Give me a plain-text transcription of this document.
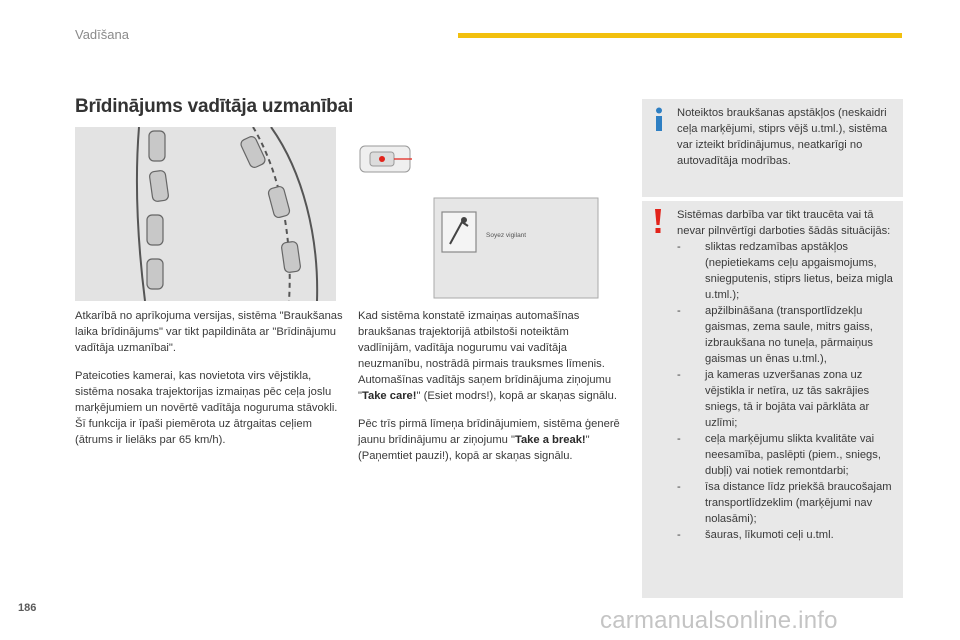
Vadīšana
Brīdinājums vadītāja uzmanībai
Soyez vigilant

Atkarībā no aprīkojuma versijas, sistēma "Braukšanas laika brīdinājums" var tikt papildināta ar "Brīdinājumu vadītāja uzmanībai".

Pateicoties kamerai, kas novietota virs vējstikla, sistēma nosaka trajektorijas izmaiņas pēc ceļa joslu marķējumiem un novērtē vadītāja noguruma stāvokli.

Šī funkcija ir īpaši piemērota uz ātrgaitas ceļiem (ātrums ir lielāks par 65 km/h).

Kad sistēma konstatē izmaiņas automašīnas braukšanas trajektorijā atbilstoši noteiktām vadlīnijām, vadītāja nogurumu vai vadītāja neuzmanību, nostrādā pirmais trauksmes līmenis. Automašīnas vadītājs saņem brīdinājuma ziņojumu "Take care!" (Esiet modrs!), kopā ar skaņas signālu.

Pēc trīs pirmā līmeņa brīdinājumiem, sistēma ģenerē jaunu brīdinājumu ar ziņojumu "Take a break!" (Paņemtiet pauzi!), kopā ar skaņas signālu.

Noteiktos braukšanas apstākļos (neskaidri ceļa marķējumi, stiprs vējš u.tml.), sistēma var izteikt brīdinājumus, neatkarīgi no autovadītāja modrības.
Sistēmas darbība var tikt traucēta vai tā nevar pilnvērtīgi darboties šādās situācijās:
- sliktas redzamības apstākļos (nepietiekams ceļu apgaismojums, sniegputenis, stiprs lietus, beiza migla u.tml.);
- apžilbināšana (transportlīdzekļu gaismas, zema saule, mitrs gaiss, izbraukšana no tuneļa, pārmaiņus gaismas un ēnas u.tml.),
- ja kameras uzveršanas zona uz vējstikla ir netīra, uz tās sakrājies sniegs, tā ir bojāta vai pārklāta ar uzlīmi;
- ceļa marķējumu slikta kvalitāte vai neesamība, paslēpti (piem., sniegs, dubļi) vai notiek remontdarbi;
- īsa distance līdz priekšā braucošajam transportlīdzeklim (marķējumi nav nolasāmi);
- šauras, līkumoti ceļi u.tml.
186	carmanualsonline.info
